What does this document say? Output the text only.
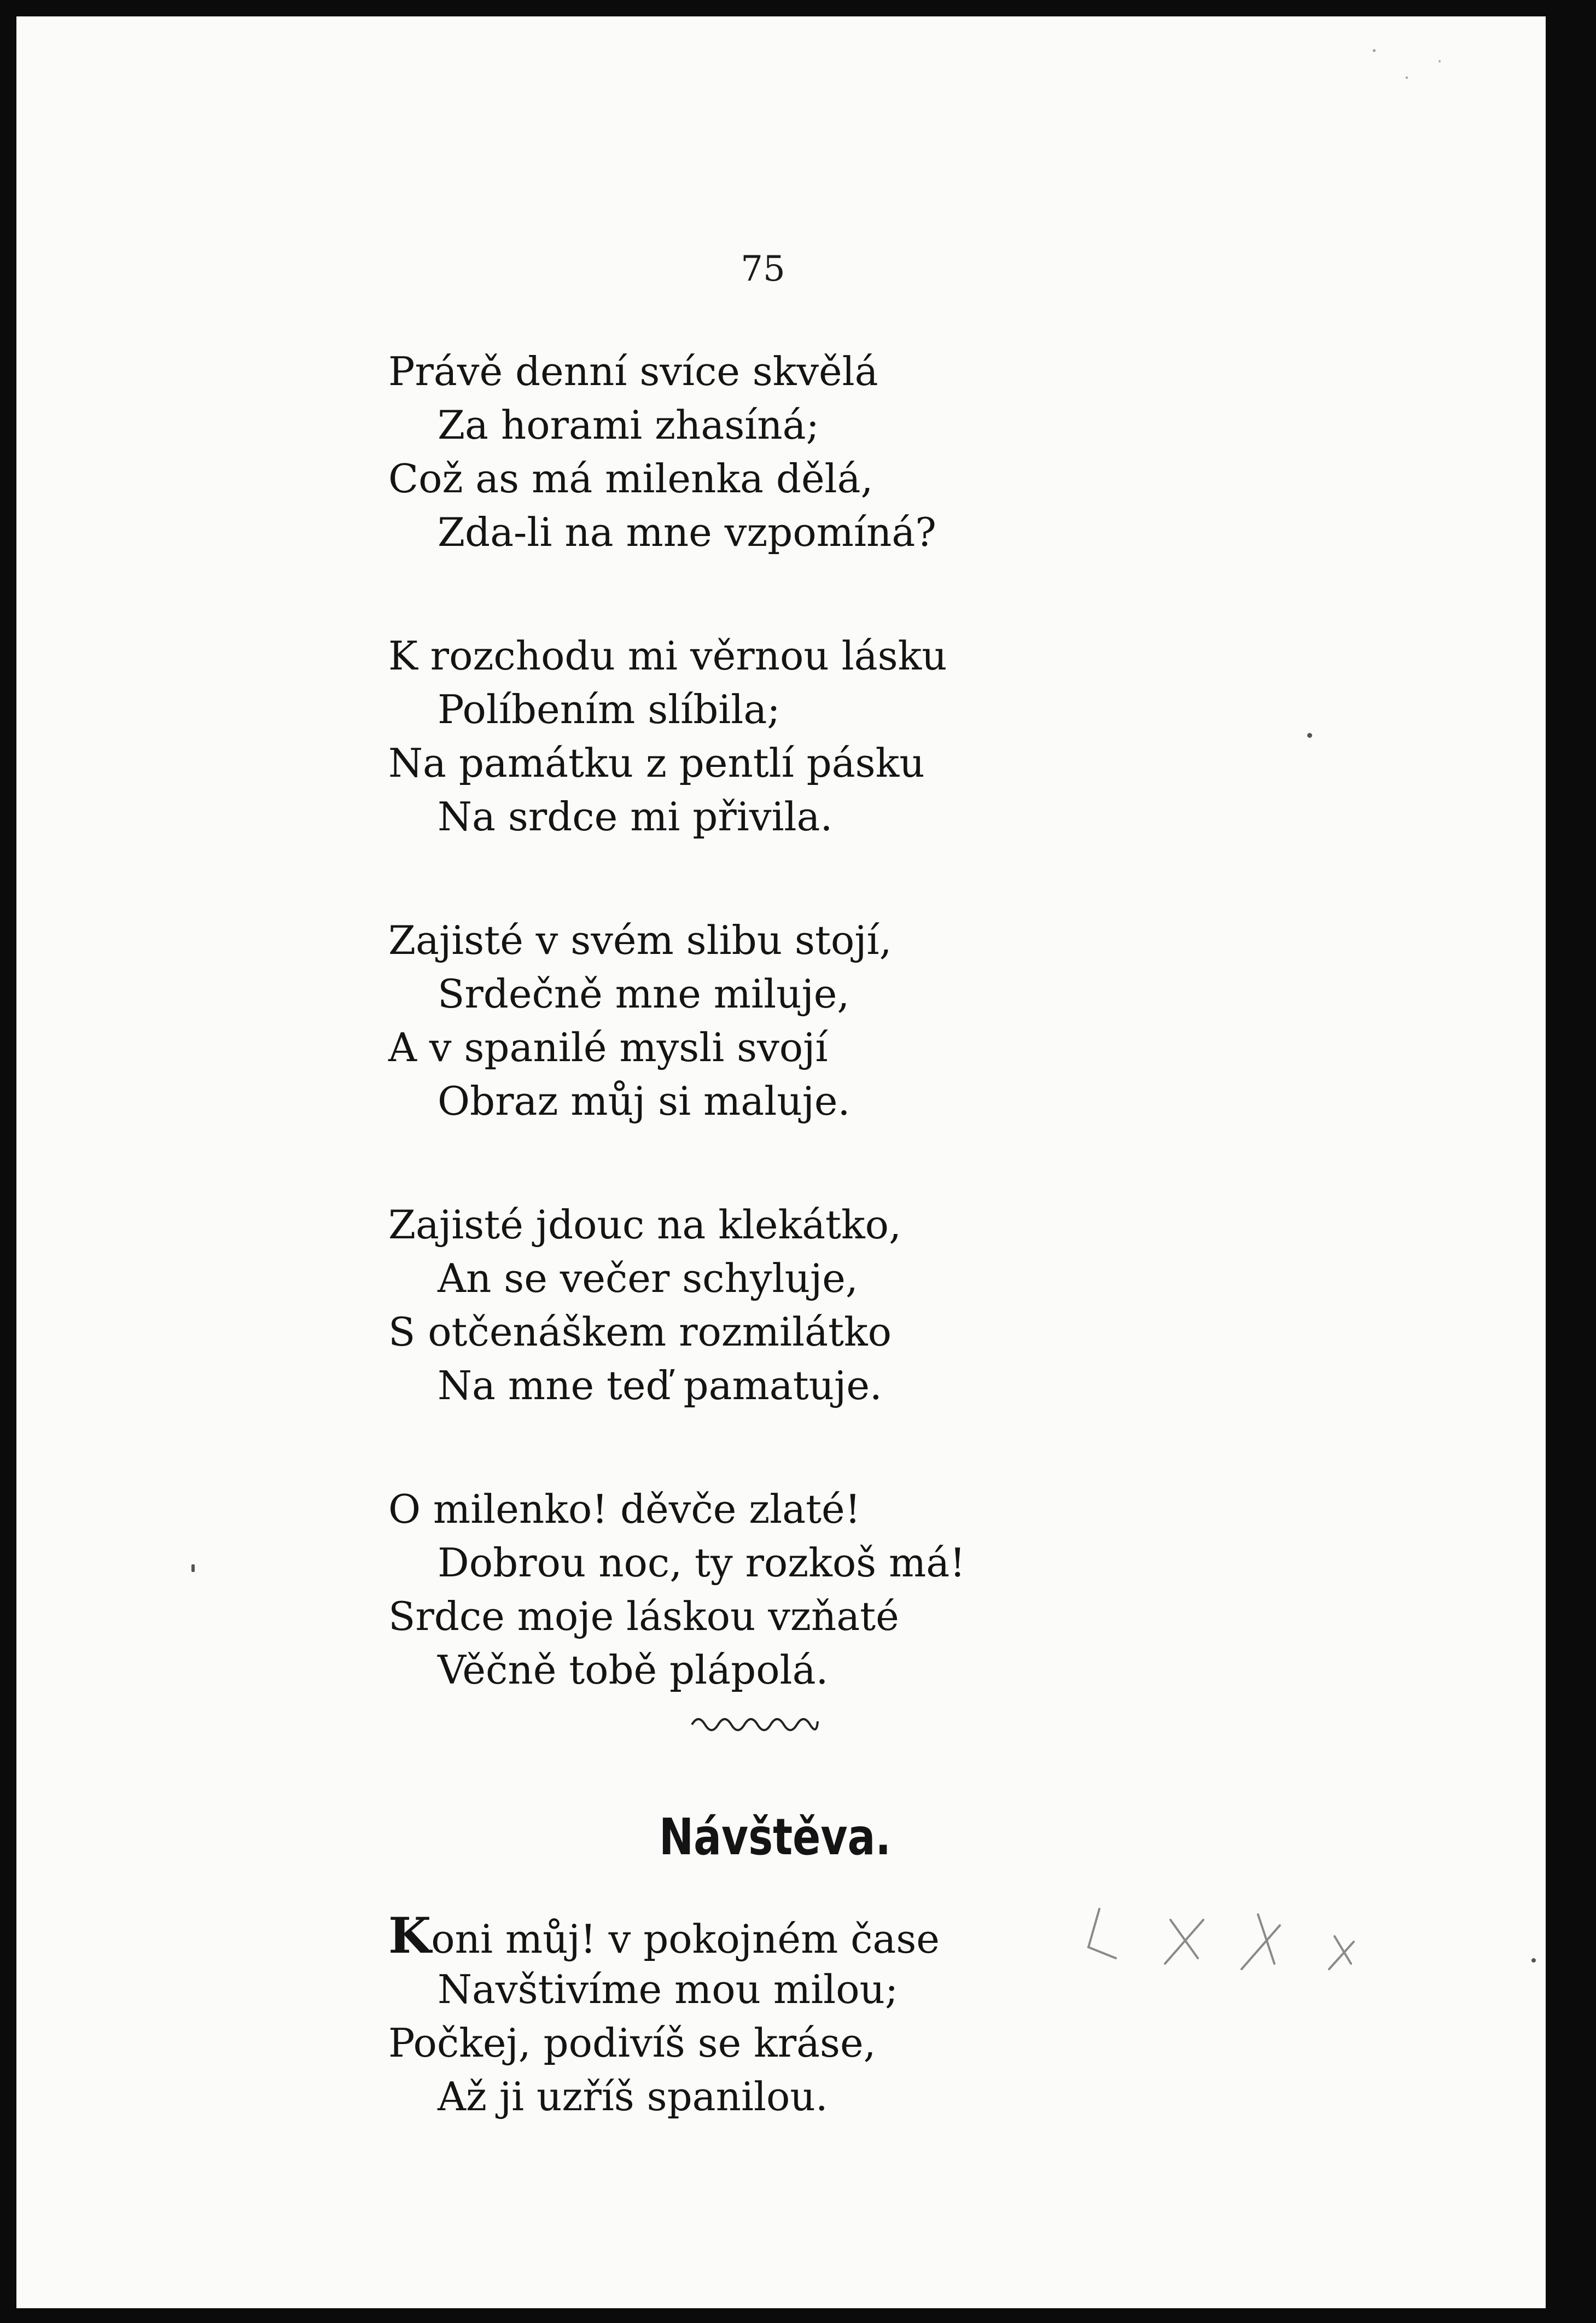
75
Právě denní svíce skvělá
Za horami zhasíná;
Což as má milenka dělá,
Zda-li na mne vzpomíná?
K rozchodu mi věrnou lásku
Políbením slíbila;
Na památku z pentlí pásku
Na srdce mi přivila.
Zajisté v svém slibu stojí,
Srdečně mne miluje,
A v spanilé mysli svojí
Obraz můj si maluje.
Zajisté jdouc na klekátko,
An se večer schyluje,
S otčenáškem rozmilátko
Na mne teď pamatuje.
O milenko! děvče zlaté!
Dobrou noc, ty rozkoš má!
Srdce moje láskou vzňaté
Věčně tobě plápolá.
Návštěva.
Koni můj! v pokojném čase
Navštivíme mou milou;
Počkej, podivíš se kráse,
Až ji uzříš spanilou.
